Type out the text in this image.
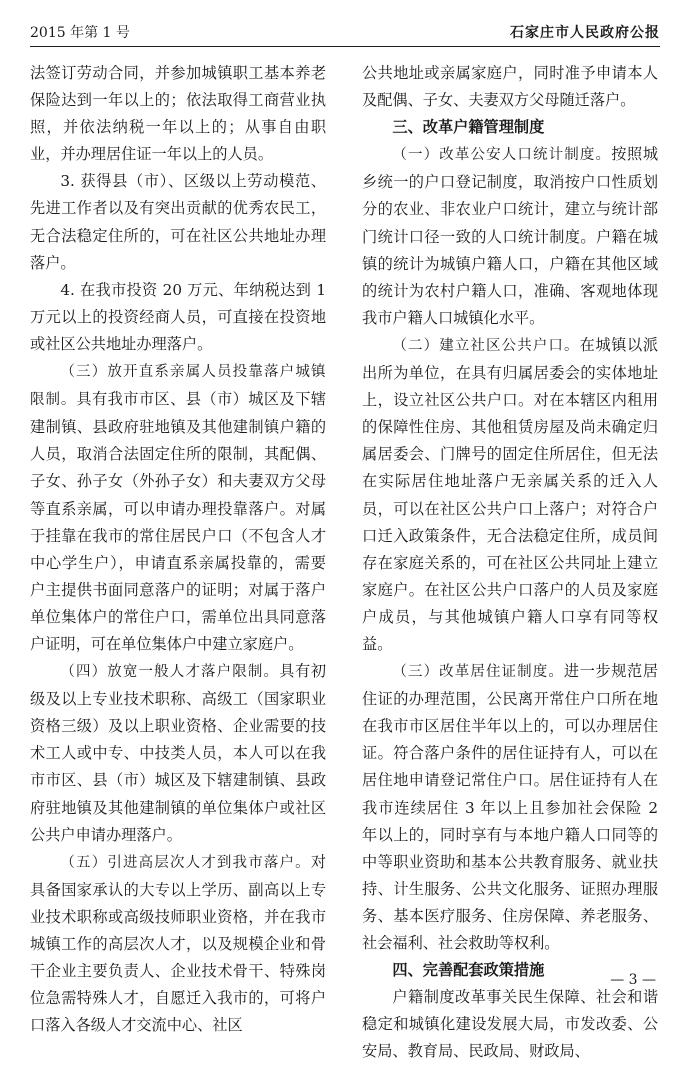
2015 年第 1 号	石家庄市人民政府公报

法签订劳动合同，并参加城镇职工基本养老保险达到一年以上的；依法取得工商营业执照，并依法纳税一年以上的；从事自由职业，并办理居住证一年以上的人员。

3. 获得县（市）、区级以上劳动模范、先进工作者以及有突出贡献的优秀农民工，无合法稳定住所的，可在社区公共地址办理落户。

4. 在我市投资 20 万元、年纳税达到 1 万元以上的投资经商人员，可直接在投资地或社区公共地址办理落户。

（三）放开直系亲属人员投靠落户城镇限制。具有我市市区、县（市）城区及下辖建制镇、县政府驻地镇及其他建制镇户籍的人员，取消合法固定住所的限制，其配偶、子女、孙子女（外孙子女）和夫妻双方父母等直系亲属，可以申请办理投靠落户。对属于挂靠在我市的常住居民户口（不包含人才中心学生户），申请直系亲属投靠的，需要户主提供书面同意落户的证明；对属于落户单位集体户的常住户口，需单位出具同意落户证明，可在单位集体户中建立家庭户。

（四）放宽一般人才落户限制。具有初级及以上专业技术职称、高级工（国家职业资格三级）及以上职业资格、企业需要的技术工人或中专、中技类人员，本人可以在我市市区、县（市）城区及下辖建制镇、县政府驻地镇及其他建制镇的单位集体户或社区公共户申请办理落户。

（五）引进高层次人才到我市落户。对具备国家承认的大专以上学历、副高以上专业技术职称或高级技师职业资格，并在我市城镇工作的高层次人才，以及规模企业和骨干企业主要负责人、企业技术骨干、特殊岗位急需特殊人才，自愿迁入我市的，可将户口落入各级人才交流中心、社区

公共地址或亲属家庭户，同时准予申请本人及配偶、子女、夫妻双方父母随迁落户。

三、改革户籍管理制度

（一）改革公安人口统计制度。按照城乡统一的户口登记制度，取消按户口性质划分的农业、非农业户口统计，建立与统计部门统计口径一致的人口统计制度。户籍在城镇的统计为城镇户籍人口，户籍在其他区域的统计为农村户籍人口，准确、客观地体现我市户籍人口城镇化水平。

（二）建立社区公共户口。在城镇以派出所为单位，在具有归属居委会的实体地址上，设立社区公共户口。对在本辖区内租用的保障性住房、其他租赁房屋及尚未确定归属居委会、门牌号的固定住所居住，但无法在实际居住地址落户无亲属关系的迁入人员，可以在社区公共户口上落户；对符合户口迁入政策条件，无合法稳定住所，成员间存在家庭关系的，可在社区公共同址上建立家庭户。在社区公共户口落户的人员及家庭户成员，与其他城镇户籍人口享有同等权益。

（三）改革居住证制度。进一步规范居住证的办理范围，公民离开常住户口所在地在我市市区居住半年以上的，可以办理居住证。符合落户条件的居住证持有人，可以在居住地申请登记常住户口。居住证持有人在我市连续居住 3 年以上且参加社会保险 2 年以上的，同时享有与本地户籍人口同等的中等职业资助和基本公共教育服务、就业扶持、计生服务、公共文化服务、证照办理服务、基本医疗服务、住房保障、养老服务、社会福利、社会救助等权利。

四、完善配套政策措施

户籍制度改革事关民生保障、社会和谐稳定和城镇化建设发展大局，市发改委、公安局、教育局、民政局、财政局、

— 3 —
